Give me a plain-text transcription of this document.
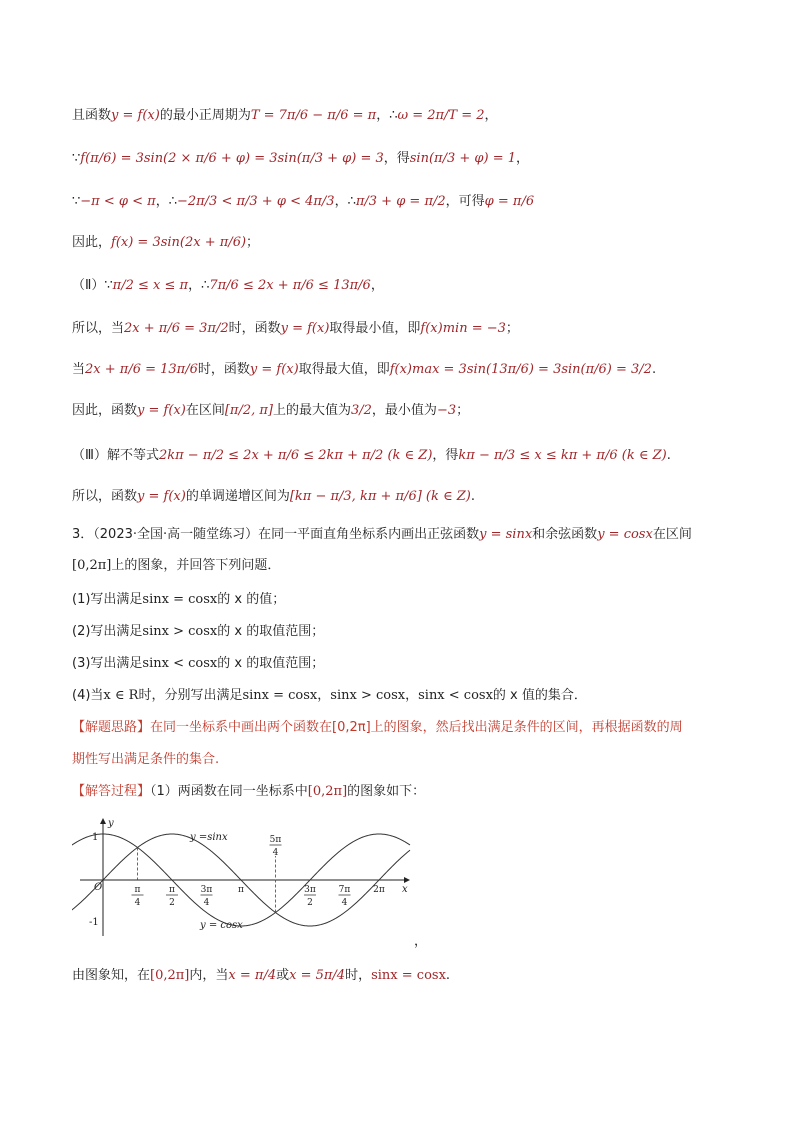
且函数y = f(x)的最小正周期为T = 7π/6 − π/6 = π，∴ω = 2π/T = 2，
∵f(π/6) = 3sin(2 × π/6 + φ) = 3sin(π/3 + φ) = 3，得sin(π/3 + φ) = 1，
∵−π < φ < π，∴−2π/3 < π/3 + φ < 4π/3，∴π/3 + φ = π/2，可得φ = π/6
因此，f(x) = 3sin(2x + π/6)；
（Ⅱ）∵π/2 ≤ x ≤ π，∴7π/6 ≤ 2x + π/6 ≤ 13π/6，
所以，当2x + π/6 = 3π/2时，函数y = f(x)取得最小值，即f(x)min = −3；
当2x + π/6 = 13π/6时，函数y = f(x)取得最大值，即f(x)max = 3sin(13π/6) = 3sin(π/6) = 3/2.
因此，函数y = f(x)在区间[π/2, π]上的最大值为3/2，最小值为−3；
（Ⅲ）解不等式2kπ − π/2 ≤ 2x + π/6 ≤ 2kπ + π/2 (k ∈ Z)，得kπ − π/3 ≤ x ≤ kπ + π/6 (k ∈ Z).
所以，函数y = f(x)的单调递增区间为[kπ − π/3, kπ + π/6] (k ∈ Z).
3．（2023·全国·高一随堂练习）在同一平面直角坐标系内画出正弦函数y = sinx和余弦函数y = cosx在区间
[0,2π]上的图象，并回答下列问题．
(1)写出满足sinx = cosx的 x 的值；
(2)写出满足sinx > cosx的 x 的取值范围；
(3)写出满足sinx < cosx的 x 的取值范围；
(4)当x ∈ R时，分别写出满足sinx = cosx，sinx > cosx，sinx < cosx的 x 值的集合．
【解题思路】在同一坐标系中画出两个函数在[0,2π]上的图象，然后找出满足条件的区间，再根据函数的周
期性写出满足条件的集合.
【解答过程】（1）两函数在同一坐标系中[0,2π]的图象如下：
y
x
O
1
-1
y =sinx
y = cosx
π
4
π
2
3π
4
π
5π
4
3π
2
7π
4
2π
，
由图象知，在[0,2π]内，当x = π/4或x = 5π/4时，sinx = cosx.
